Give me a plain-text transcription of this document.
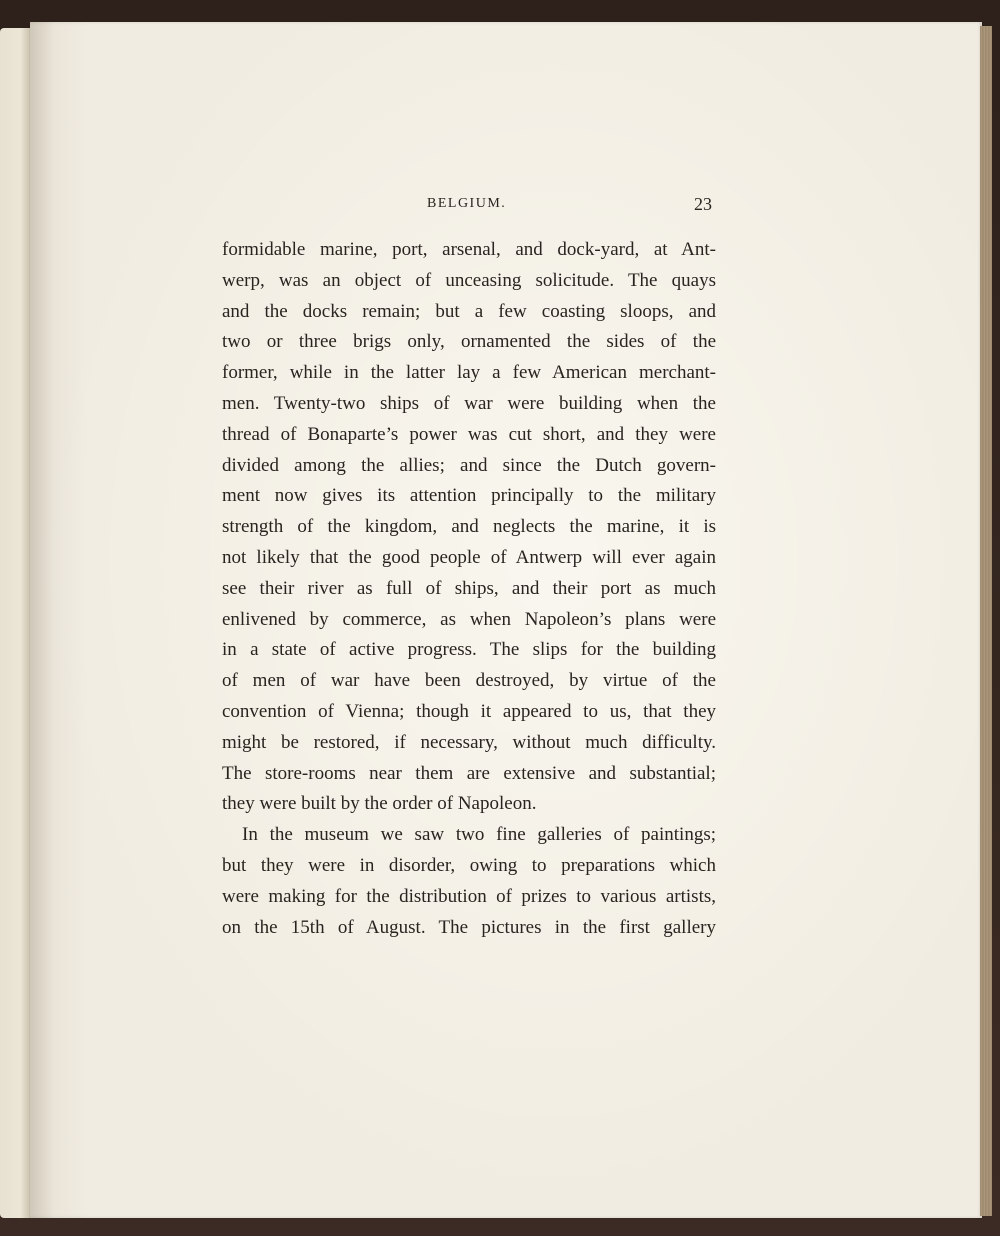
BELGIUM.	23
formidable marine, port, arsenal, and dock-yard, at Ant-
werp, was an object of unceasing solicitude. The quays
and the docks remain; but a few coasting sloops, and
two or three brigs only, ornamented the sides of the
former, while in the latter lay a few American merchant-
men. Twenty-two ships of war were building when the
thread of Bonaparte’s power was cut short, and they were
divided among the allies; and since the Dutch govern-
ment now gives its attention principally to the military
strength of the kingdom, and neglects the marine, it is
not likely that the good people of Antwerp will ever again
see their river as full of ships, and their port as much
enlivened by commerce, as when Napoleon’s plans were
in a state of active progress. The slips for the building
of men of war have been destroyed, by virtue of the
convention of Vienna; though it appeared to us, that they
might be restored, if necessary, without much difficulty.
The store-rooms near them are extensive and substantial;
they were built by the order of Napoleon.
In the museum we saw two fine galleries of paintings;
but they were in disorder, owing to preparations which
were making for the distribution of prizes to various artists,
on the 15th of August. The pictures in the first gallery
